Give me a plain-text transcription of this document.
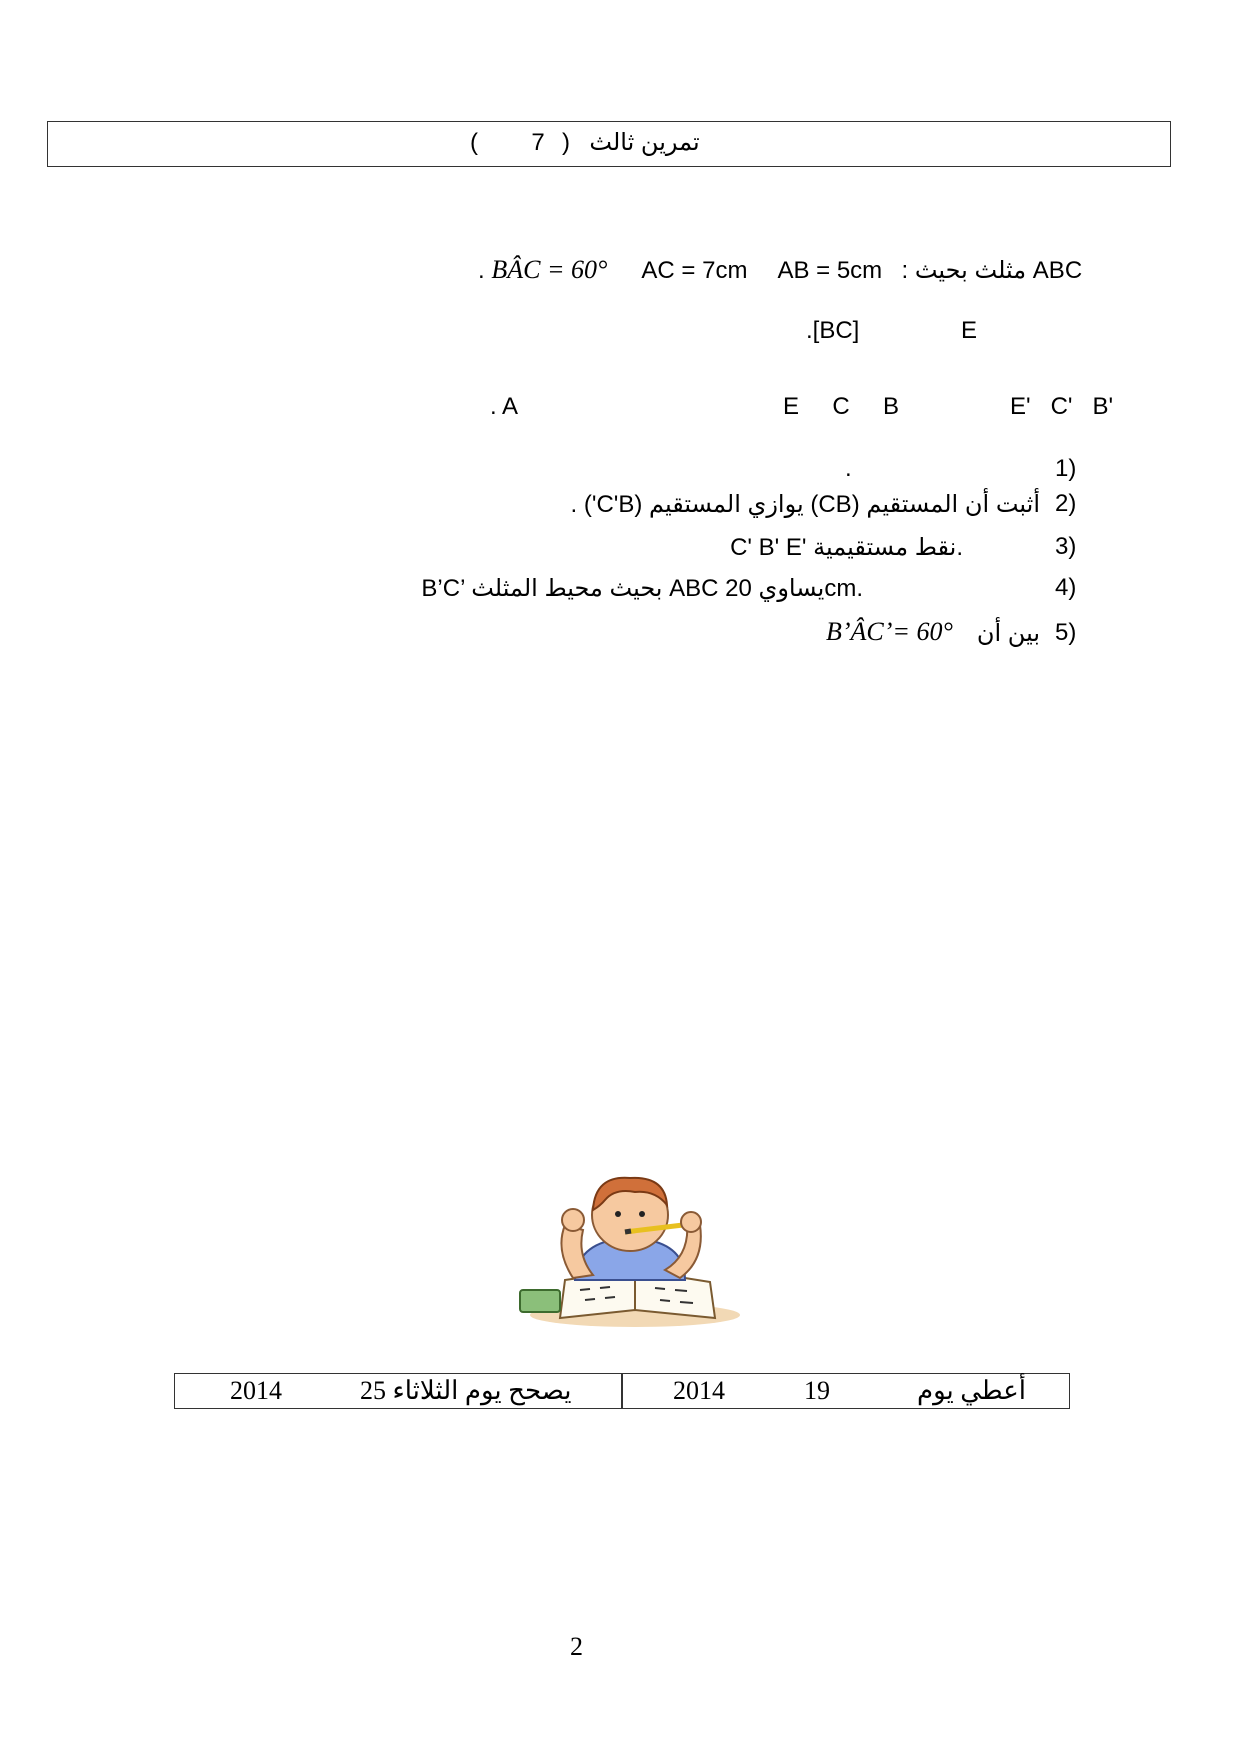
( 7 ) تمرين ثالث
. BÂC = 60° AC = 7cm AB = 5cm ABC مثلث بحيث :
.[BC]	E
. A	E     C     B	E'   C'   B'
1)
.
2)
أثبت أن المستقيم (CB) يوازي المستقيم (C'B') .
3)
C' B' E' نقط مستقيمية.
4)
B’C’ بحيث محيط المثلث ABC يساوي 20cm.
5)
بين أن
B’ÂC’= 60°
أعطي يوم
19
2014
يصحح يوم الثلاثاء 25
2014
2
